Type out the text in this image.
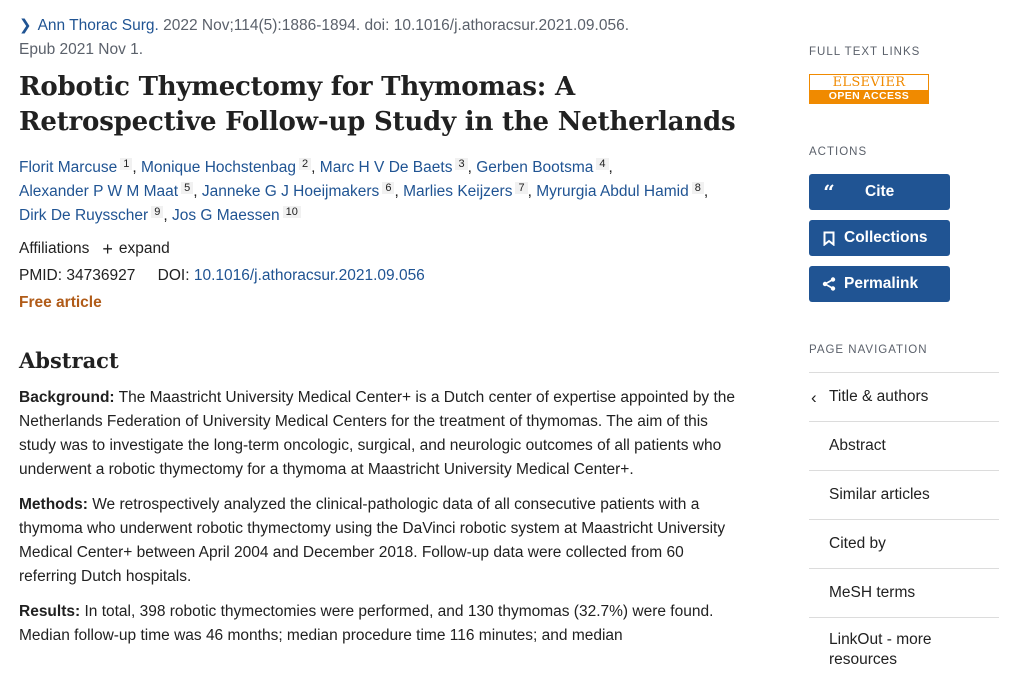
❯ Ann Thorac Surg. 2022 Nov;114(5):1886-1894. doi: 10.1016/j.athoracsur.2021.09.056.
Epub 2021 Nov 1.
Robotic Thymectomy for Thymomas: A Retrospective Follow-up Study in the Netherlands
Florit Marcuse $^1$ , Monique Hochstenbag $^2$ , Marc H V De Baets $^3$ , Gerben Bootsma $^4$ ,
Alexander P W M Maat $^5$ , Janneke G J Hoeijmakers $^6$ , Marlies Keijzers $^7$ , Myrurgia Abdul Hamid $^8$ ,
Dirk De Ruysscher $^9$ , Jos G Maessen $^{10}$
Affiliations + expand
PMID: 34736927 DOI: 10.1016/j.athoracsur.2021.09.056
Free article
Abstract

Background: The Maastricht University Medical Center+ is a Dutch center of expertise appointed by the Netherlands Federation of University Medical Centers for the treatment of thymomas. The aim of this study was to investigate the long-term oncologic, surgical, and neurologic outcomes of all patients who underwent a robotic thymectomy for a thymoma at Maastricht University Medical Center+.

Methods: We retrospectively analyzed the clinical-pathologic data of all consecutive patients with a thymoma who underwent robotic thymectomy using the DaVinci robotic system at Maastricht University Medical Center+ between April 2004 and December 2018. Follow-up data were collected from 60 referring Dutch hospitals.

Results: In total, 398 robotic thymectomies were performed, and 130 thymomas (32.7%) were found. Median follow-up time was 46 months; median procedure time 116 minutes; and median

FULL TEXT LINKS
ELSEVIER
OPEN ACCESS
ACTIONS
“ Cite
Collections
Permalink
PAGE NAVIGATION
‹ Title & authors
Abstract
Similar articles
Cited by
MeSH terms
LinkOut - more
resources
